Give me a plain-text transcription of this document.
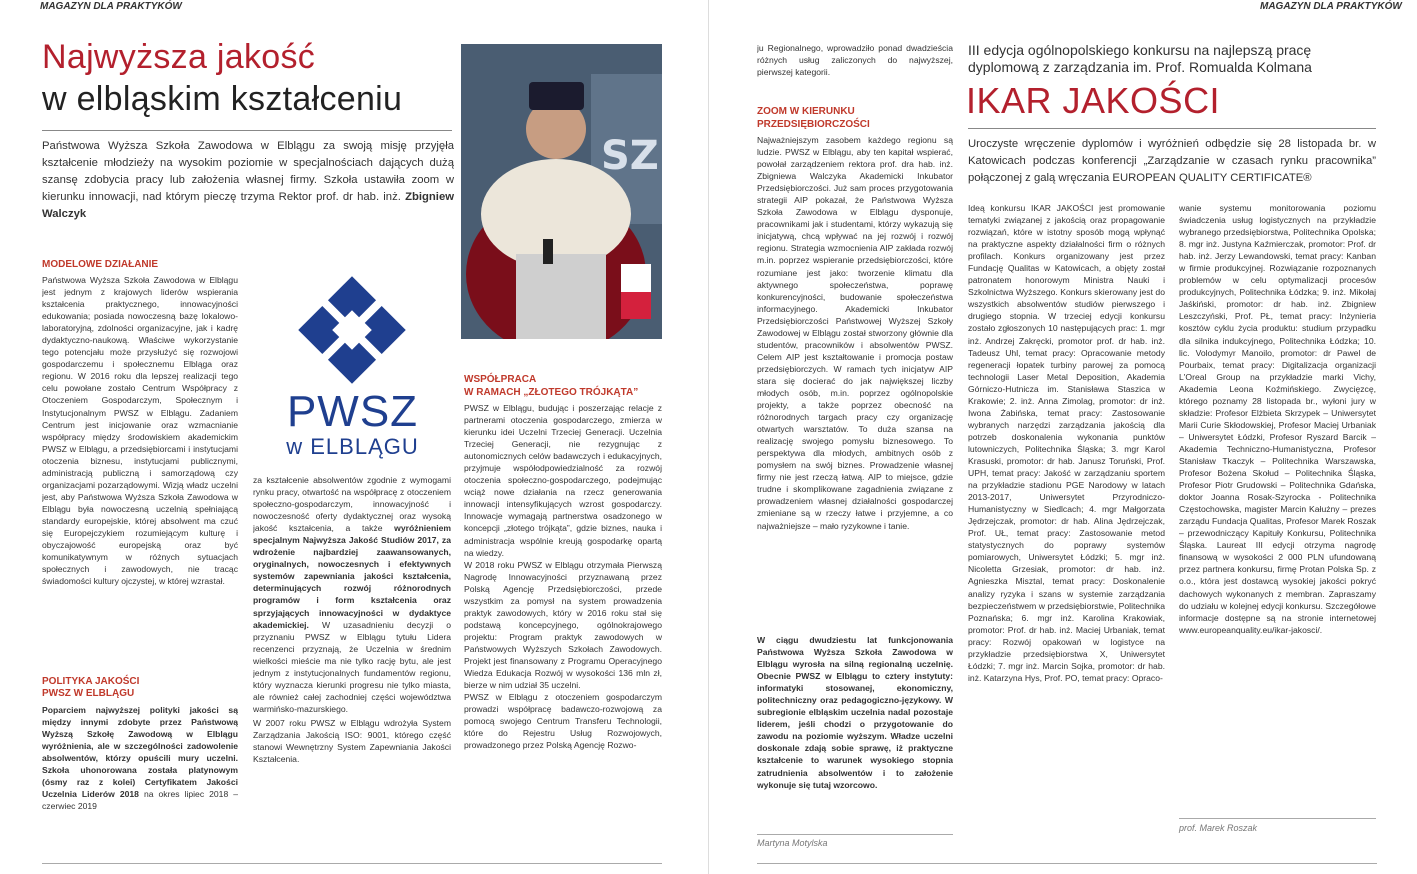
MAGAZYN DLA PRAKTYKÓW	MAGAZYN DLA PRAKTYKÓW
Najwyższa jakość
w elbląskim kształceniu
Państwowa Wyższa Szkoła Zawodowa w Elblągu za swoją misję przyjęła kształcenie młodzieży na wysokim poziomie w specjalnościach dających dużą szansę zdobycia pracy lub założenia własnej firmy. Szkoła ustawiła zoom w kierunku innowacji, nad którym pieczę trzyma Rektor prof. dr hab. inż. Zbigniew Walczyk
SZ
PWSZ
w ELBLĄGU
MODELOWE DZIAŁANIE
Państwowa Wyższa Szkoła Zawodowa w Elblągu jest jednym z krajowych liderów wspierania kształcenia praktycznego, innowacyjności edukowania; posiada nowoczesną bazę lokalowo-laboratoryjną, zdolności organizacyjne, jak i kadrę dydaktyczno-naukową. Właściwe wykorzystanie tego potencjału może przysłużyć się rozwojowi gospodarczemu i społecznemu Elbląga oraz regionu. W 2016 roku dla lepszej realizacji tego celu powołane zostało Centrum Współpracy z Otoczeniem Gospodarczym, Społecznym i Instytucjonalnym PWSZ w Elblągu. Zadaniem Centrum jest inicjowanie oraz wzmacnianie współpracy między środowiskiem akademickim PWSZ w Elblągu, a przedsiębiorcami i instytucjami otoczenia biznesu, instytucjami publicznymi, administracją publiczną i samorządową czy organizacjami pozarządowymi. Wizją władz uczelni jest, aby Państwowa Wyższa Szkoła Zawodowa w Elblągu była nowoczesną uczelnią spełniającą standardy europejskie, której absolwent ma czuć się Europejczykiem rozumiejącym kulturę i obyczajowość europejską oraz być komunikatywnym w różnych sytuacjach społecznych i zawodowych, nie tracąc świadomości kultury ojczystej, w której wzrastał.
POLITYKA JAKOŚCI
PWSZ W ELBLĄGU
Poparciem najwyższej polityki jakości są między innymi zdobyte przez Państwową Wyższą Szkołę Zawodową w Elblągu wyróżnienia, ale w szczególności zadowolenie absolwentów, którzy opuścili mury uczelni. Szkoła uhonorowana została platynowym (ósmy raz z kolei) Certyfikatem Jakości Uczelnia Liderów 2018 na okres lipiec 2018 – czerwiec 2019
za kształcenie absolwentów zgodnie z wymogami rynku pracy, otwartość na współpracę z otoczeniem społeczno-gospodarczym, innowacyjność i nowoczesność oferty dydaktycznej oraz wysoką jakość kształcenia, a także wyróżnieniem specjalnym Najwyższa Jakość Studiów 2017, za wdrożenie najbardziej zaawansowanych, oryginalnych, nowoczesnych i efektywnych systemów zapewniania jakości kształcenia, determinujących rozwój różnorodnych programów i form kształcenia oraz sprzyjających innowacyjności w dydaktyce akademickiej. W uzasadnieniu decyzji o przyznaniu PWSZ w Elblągu tytułu Lidera recenzenci przyznają, że Uczelnia w średnim wielkości mieście ma nie tylko rację bytu, ale jest jednym z instytucjonalnych fundamentów regionu, który wyznacza kierunki progresu nie tylko miasta, ale również całej zachodniej części województwa warmińsko-mazurskiego.

W 2007 roku PWSZ w Elblągu wdrożyła System Zarządzania Jakością ISO: 9001, którego część stanowi Wewnętrzny System Zapewniania Jakości Kształcenia.

WSPÓŁPRACA
W RAMACH „ZŁOTEGO TRÓJKĄTA”

PWSZ w Elblągu, budując i poszerzając relacje z partnerami otoczenia gospodarczego, zmierza w kierunku idei Uczelni Trzeciej Generacji. Uczelnia Trzeciej Generacji, nie rezygnując z autonomicznych celów badawczych i edukacyjnych, przyjmuje współodpowiedzialność za rozwój otoczenia społeczno-gospodarczego, podejmując wciąż nowe działania na rzecz generowania innowacji intensyfikujących wzrost gospodarczy. Innowacje wymagają partnerstwa osadzonego w koncepcji „złotego trójkąta”, gdzie biznes, nauka i administracja wspólnie kreują gospodarkę opartą na wiedzy.

W 2018 roku PWSZ w Elblągu otrzymała Pierwszą Nagrodę Innowacyjności przyznawaną przez Polską Agencję Przedsiębiorczości, przede wszystkim za pomysł na system prowadzenia praktyk zawodowych, który w 2016 roku stał się podstawą koncepcyjnego, ogólnokrajowego projektu: Program praktyk zawodowych w Państwowych Wyższych Szkołach Zawodowych. Projekt jest finansowany z Programu Operacyjnego Wiedza Edukacja Rozwój w wysokości 136 mln zł, bierze w nim udział 35 uczelni.

PWSZ w Elblągu z otoczeniem gospodarczym prowadzi współpracę badawczo-rozwojową za pomocą swojego Centrum Transferu Technologii, które do Rejestru Usług Rozwojowych, prowadzonego przez Polską Agencję Rozwo-

ju Regionalnego, wprowadziło ponad dwadzieścia różnych usług zaliczonych do najwyższej, pierwszej kategorii.
ZOOM W KIERUNKU
PRZEDSIĘBIORCZOŚCI
Najważniejszym zasobem każdego regionu są ludzie. PWSZ w Elblągu, aby ten kapitał wspierać, powołał zarządzeniem rektora prof. dra hab. inż. Zbigniewa Walczyka Akademicki Inkubator Przedsiębiorczości. Już sam proces przygotowania strategii AIP pokazał, że Państwowa Wyższa Szkoła Zawodowa w Elblągu dysponuje, pracownikami jak i studentami, którzy wykazują się inicjatywą, chcą wpływać na jej rozwój i rozwój regionu. Strategia wzmocnienia AIP zakłada rozwój m.in. poprzez wspieranie przedsiębiorczości, które rozumiane jest jako: tworzenie klimatu dla aktywnego społeczeństwa, poprawę konkurencyjności, budowanie społeczeństwa informacyjnego. Akademicki Inkubator Przedsiębiorczości Państwowej Wyższej Szkoły Zawodowej w Elblągu został stworzony głównie dla studentów, pracowników i absolwentów PWSZ. Celem AIP jest kształtowanie i promocja postaw przedsiębiorczych. W ramach tych inicjatyw AIP stara się docierać do jak największej liczby młodych osób, m.in. poprzez ogólnopolskie projekty, a także poprzez obecność na różnorodnych targach pracy czy organizację otwartych warsztatów. To duża szansa na realizację swojego pomysłu biznesowego. To perspektywa dla młodych, ambitnych osób z pomysłem na swój biznes. Prowadzenie własnej firmy nie jest rzeczą łatwą. AIP to miejsce, gdzie trudne i skomplikowane zagadnienia związane z prowadzeniem własnej działalności gospodarczej zmieniane są w rzeczy łatwe i przyjemne, a co najważniejsze – mało ryzykowne i tanie.
W ciągu dwudziestu lat funkcjonowania Państwowa Wyższa Szkoła Zawodowa w Elblągu wyrosła na silną regionalną uczelnię. Obecnie PWSZ w Elblągu to cztery instytuty: informatyki stosowanej, ekonomiczny, politechniczny oraz pedagogiczno-językowy. W subregionie elbląskim uczelnia nadal pozostaje liderem, jeśli chodzi o przygotowanie do zawodu na poziomie wyższym. Władze uczelni doskonale zdają sobie sprawę, iż praktyczne kształcenie to warunek wysokiego stopnia zatrudnienia absolwentów i to założenie wykonuje się tutaj wzorcowo.
Martyna Motylska
III edycja ogólnopolskiego konkursu na najlepszą pracę
dyplomową z zarządzania im. Prof. Romualda Kolmana
IKAR JAKOŚCI
Uroczyste wręczenie dyplomów i wyróżnień odbędzie się 28 listopada br. w Katowicach podczas konferencji „Zarządzanie w czasach rynku pracownika” połączonej z galą wręczania EUROPEAN QUALITY CERTIFICATE®
Ideą konkursu IKAR JAKOŚCI jest promowanie tematyki związanej z jakością oraz propagowanie rozwiązań, które w istotny sposób mogą wpłynąć na praktyczne aspekty działalności firm o różnych profilach. Konkurs organizowany jest przez Fundację Qualitas w Katowicach, a objęty został patronatem honorowym Ministra Nauki i Szkolnictwa Wyższego. Konkurs skierowany jest do wszystkich absolwentów studiów pierwszego i drugiego stopnia. W trzeciej edycji konkursu zostało zgłoszonych 10 następujących prac: 1. mgr inż. Andrzej Zakręcki, promotor prof. dr hab. inż. Tadeusz Uhl, temat pracy: Opracowanie metody regeneracji łopatek turbiny parowej za pomocą technologii Laser Metal Deposition, Akademia Górniczo-Hutnicza im. Stanisława Staszica w Krakowie; 2. inż. Anna Zimolag, promotor: dr inż. Iwona Żabińska, temat pracy: Zastosowanie wybranych narzędzi zarządzania jakością dla potrzeb doskonalenia wykonania punktów lutowniczych, Politechnika Śląska; 3. mgr Karol Krasuski, promotor: dr hab. Janusz Toruński, Prof. UPH, temat pracy: Jakość w zarządzaniu sportem na przykładzie stadionu PGE Narodowy w latach 2013-2017, Uniwersytet Przyrodniczo-Humanistyczny w Siedlcach; 4. mgr Małgorzata Jędrzejczak, promotor: dr hab. Alina Jędrzejczak, Prof. UŁ, temat pracy: Zastosowanie metod statystycznych do poprawy systemów pomiarowych, Uniwersytet Łódzki; 5. mgr inż. Nicoletta Grzesiak, promotor: dr hab. inż. Agnieszka Misztal, temat pracy: Doskonalenie analizy ryzyka i szans w systemie zarządzania bezpieczeństwem w przedsiębiorstwie, Politechnika Poznańska; 6. mgr inż. Karolina Krakowiak, promotor: Prof. dr hab. inż. Maciej Urbaniak, temat pracy: Rozwój opakowań w logistyce na przykładzie przedsiębiorstwa X, Uniwersytet Łódzki; 7. mgr inż. Marcin Sojka, promotor: dr hab. inż. Katarzyna Hys, Prof. PO, temat pracy: Opraco-
wanie systemu monitorowania poziomu świadczenia usług logistycznych na przykładzie wybranego przedsiębiorstwa, Politechnika Opolska; 8. mgr inż. Justyna Kaźmierczak, promotor: Prof. dr hab. inż. Jerzy Lewandowski, temat pracy: Kanban w firmie produkcyjnej. Rozwiązanie rozpoznanych problemów w celu optymalizacji procesów produkcyjnych, Politechnika Łódzka; 9. inż. Mikołaj Jaśkiński, promotor: dr hab. inż. Zbigniew Leszczyński, Prof. PŁ, temat pracy: Inżynieria kosztów cyklu życia produktu: studium przypadku dla silnika indukcyjnego, Politechnika Łódzka; 10. lic. Volodymyr Manoilo, promotor: dr Pawel de Pourbaix, temat pracy: Digitalizacja organizacji L'Oreal Group na przykładzie marki Vichy, Akademia Leona Koźmińskiego. Zwycięzcę, którego poznamy 28 listopada br., wyłoni jury w składzie: Profesor Elżbieta Skrzypek – Uniwersytet Marii Curie Skłodowskiej, Profesor Maciej Urbaniak – Uniwersytet Łódzki, Profesor Ryszard Barcik – Akademia Techniczno-Humanistyczna, Profesor Stanisław Tkaczyk – Politechnika Warszawska, Profesor Bożena Skołud – Politechnika Śląska, Profesor Piotr Grudowski – Politechnika Gdańska, doktor Joanna Rosak-Szyrocka - Politechnika Częstochowska, magister Marcin Kałużny – prezes zarządu Fundacja Qualitas, Profesor Marek Roszak – przewodniczący Kapituły Konkursu, Politechnika Śląska. Laureat III edycji otrzyma nagrodę finansową w wysokości 2 000 PLN ufundowaną przez partnera konkursu, firmę Protan Polska Sp. z o.o., która jest dostawcą wysokiej jakości pokryć dachowych wykonanych z membran. Zapraszamy do udziału w kolejnej edycji konkursu. Szczegółowe informacje dostępne są na stronie internetowej www.europeanquality.eu/ikar-jakosci/.
prof. Marek Roszak
